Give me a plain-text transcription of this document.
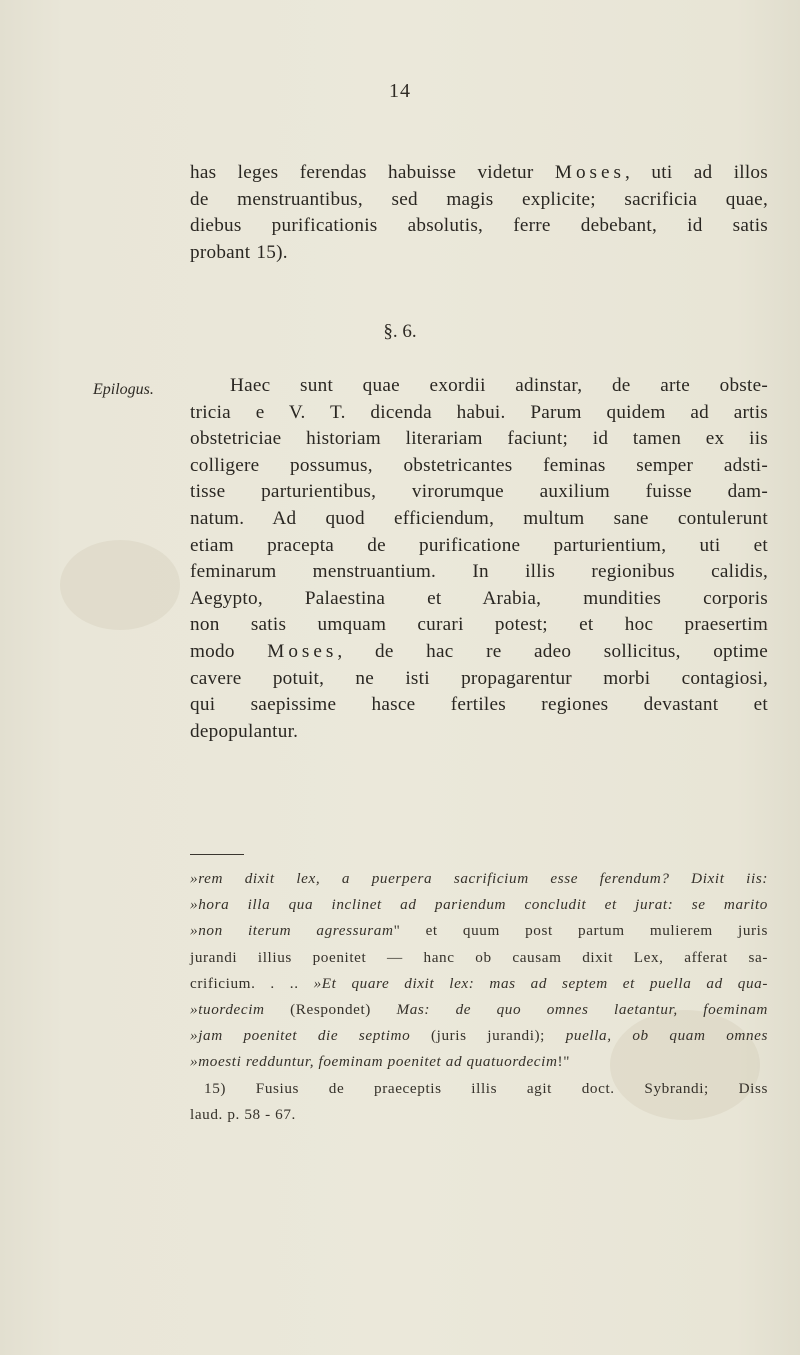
14
has leges ferendas habuisse videtur Moses, uti ad illos
de menstruantibus, sed magis explicite; sacrificia quae,
diebus purificationis absolutis, ferre debebant, id satis
probant 15).
§. 6.
Epilogus.	Haec sunt quae exordii adinstar, de arte obste-
tricia e V. T. dicenda habui. Parum quidem ad artis
obstetriciae historiam literariam faciunt; id tamen ex iis
colligere possumus, obstetricantes feminas semper adsti-
tisse parturientibus, virorumque auxilium fuisse dam-
natum. Ad quod efficiendum, multum sane contulerunt
etiam pracepta de purificatione parturientium, uti et
feminarum menstruantium. In illis regionibus calidis,
Aegypto, Palaestina et Arabia, mundities corporis
non satis umquam curari potest; et hoc praesertim
modo Moses, de hac re adeo sollicitus, optime
cavere potuit, ne isti propagarentur morbi contagiosi,
qui saepissime hasce fertiles regiones devastant et
depopulantur.
»rem dixit lex, a puerpera sacrificium esse ferendum? Dixit iis:
»hora illa qua inclinet ad pariendum concludit et jurat: se marito
»non iterum agressuram" et quum post partum mulierem juris
jurandi illius poenitet — hanc ob causam dixit Lex, afferat sa-
crificium. . .. »Et quare dixit lex: mas ad septem et puella ad qua-
»tuordecim (Respondet) Mas: de quo omnes laetantur, foeminam
»jam poenitet die septimo (juris jurandi); puella, ob quam omnes
»moesti redduntur, foeminam poenitet ad quatuordecim!"
15) Fusius de praeceptis illis agit doct. Sybrandi; Diss
laud. p. 58 - 67.
